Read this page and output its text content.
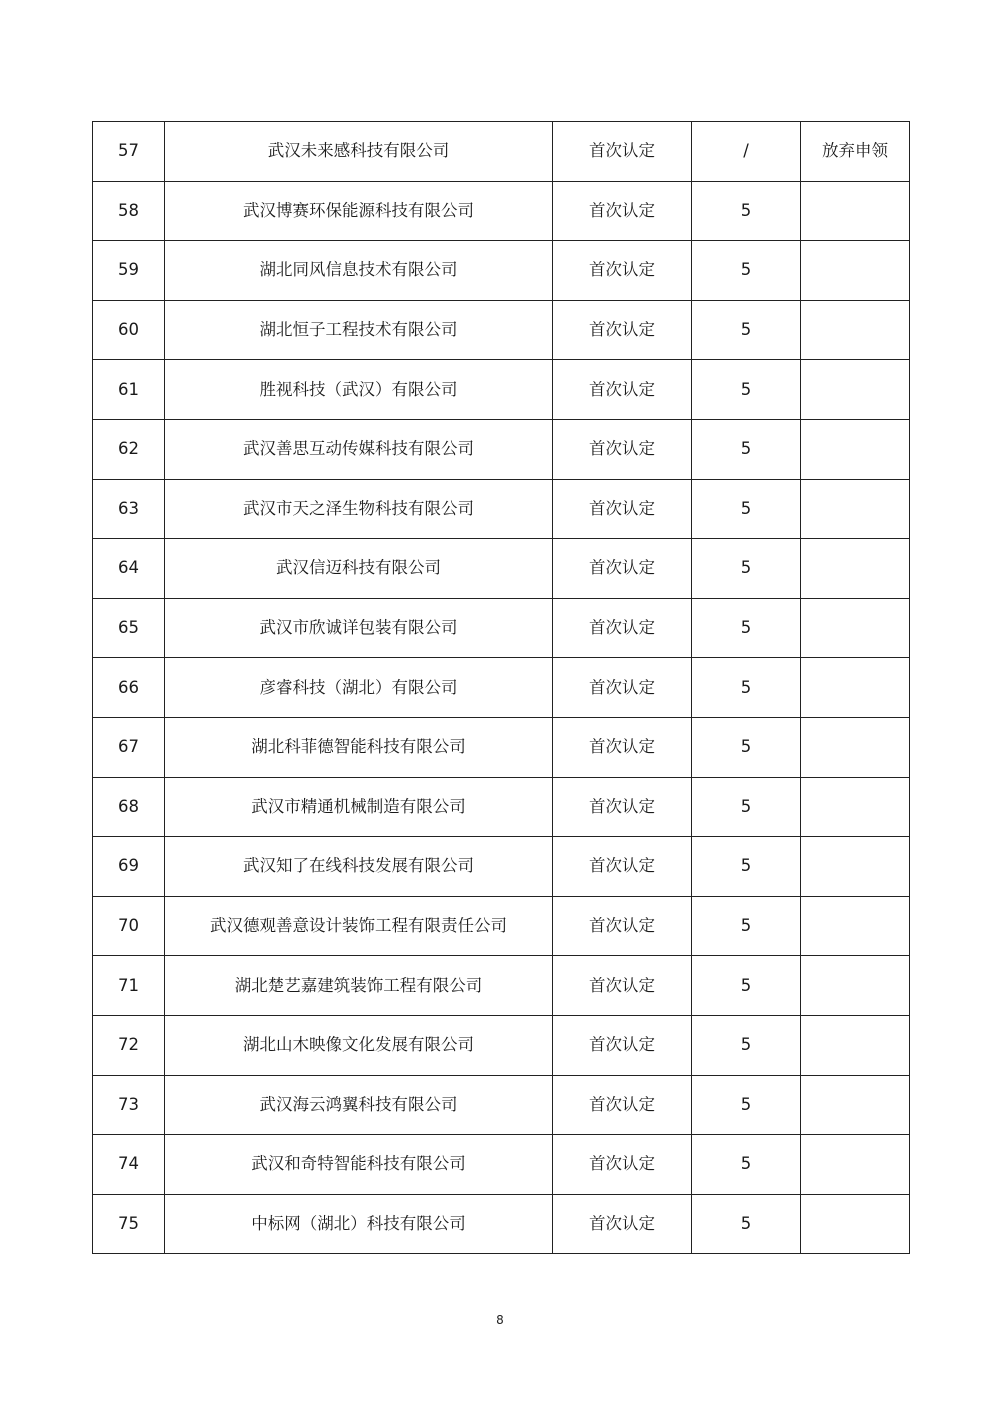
57	武汉未来感科技有限公司	首次认定	/	放弃申领
58	武汉博赛环保能源科技有限公司	首次认定	5	
59	湖北同风信息技术有限公司	首次认定	5	
60	湖北恒子工程技术有限公司	首次认定	5	
61	胜视科技（武汉）有限公司	首次认定	5	
62	武汉善思互动传媒科技有限公司	首次认定	5	
63	武汉市天之泽生物科技有限公司	首次认定	5	
64	武汉信迈科技有限公司	首次认定	5	
65	武汉市欣诚详包装有限公司	首次认定	5	
66	彦睿科技（湖北）有限公司	首次认定	5	
67	湖北科菲德智能科技有限公司	首次认定	5	
68	武汉市精通机械制造有限公司	首次认定	5	
69	武汉知了在线科技发展有限公司	首次认定	5	
70	武汉德观善意设计装饰工程有限责任公司	首次认定	5	
71	湖北楚艺嘉建筑装饰工程有限公司	首次认定	5	
72	湖北山木映像文化发展有限公司	首次认定	5	
73	武汉海云鸿翼科技有限公司	首次认定	5	
74	武汉和奇特智能科技有限公司	首次认定	5	
75	中标网（湖北）科技有限公司	首次认定	5	
8
